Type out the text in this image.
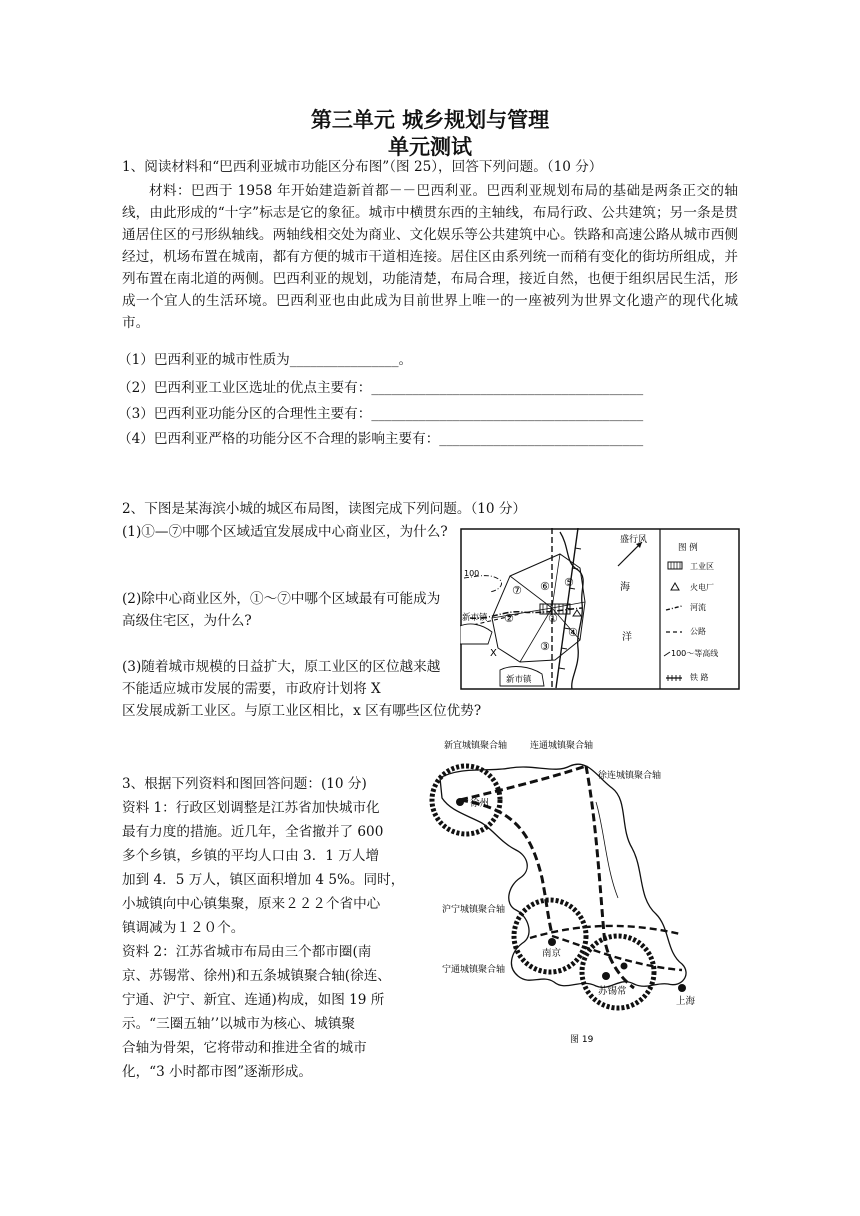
第三单元 城乡规划与管理
单元测试
1、阅读材料和“巴西利亚城市功能区分布图”（图 25），回答下列问题。（10 分）
材料：巴西于 1958 年开始建造新首都－－巴西利亚。巴西利亚规划布局的基础是两条正交的轴线，由此形成的“十字”标志是它的象征。城市中横贯东西的主轴线，布局行政、公共建筑；另一条是贯通居住区的弓形纵轴线。两轴线相交处为商业、文化娱乐等公共建筑中心。铁路和高速公路从城市西侧经过，机场布置在城南，都有方便的城市干道相连接。居住区由系列统一而稍有变化的街坊所组成，并列布置在南北道的两侧。巴西利亚的规划，功能清楚，布局合理，接近自然，也便于组织居民生活，形成一个宜人的生活环境。巴西利亚也由此成为目前世界上唯一的一座被列为世界文化遗产的现代化城市。
（1）巴西利亚的城市性质为________________。
（2）巴西利亚工业区选址的优点主要有：________________________________________
（3）巴西利亚功能分区的合理性主要有：________________________________________
（4）巴西利亚严格的功能分区不合理的影响主要有：______________________________
2、下图是某海滨小城的城区布局图，读图完成下列问题。（10 分）
(1)①—⑦中哪个区域适宜发展成中心商业区，为什么?
(2)除中心商业区外，①～⑦中哪个区域最有可能成为高级住宅区，为什么?
(3)随着城市规模的日益扩大，原工业区的区位越来越不能适应城市发展的需要，市政府计划将 X
区发展成新工业区。与原工业区相比，x 区有哪些区位优势?
盛行风
海
洋
新市镇
新市镇
100
X
①
②
③
④
⑤
⑥
⑦
图 例
工业区
火电厂
河流
公路
100～等高线
铁 路
3、根据下列资料和图回答问题：(10 分)
资料 1：行政区划调整是江苏省加快城市化
最有力度的措施。近几年，全省撤并了 600
多个乡镇，乡镇的平均人口由 3．1 万人增
加到 4．5 万人，镇区面积增加 4 5%。同时，
小城镇向中心镇集聚，原来２２２个省中心
镇调减为１２０个。
资料 2：江苏省城市布局由三个都市圈(南
京、苏锡常、徐州)和五条城镇聚合轴(徐连、
宁通、沪宁、新宜、连通)构成，如图 19 所
示。“三圈五轴’’以城市为核心、城镇聚
合轴为骨架，它将带动和推进全省的城市
化，“3 小时都市图”逐渐形成。
新宜城镇聚合轴	连通城镇聚合轴
徐连城镇聚合轴
沪宁城镇聚合轴
宁通城镇聚合轴
徐州
南京
苏锡常
上海
图 19
